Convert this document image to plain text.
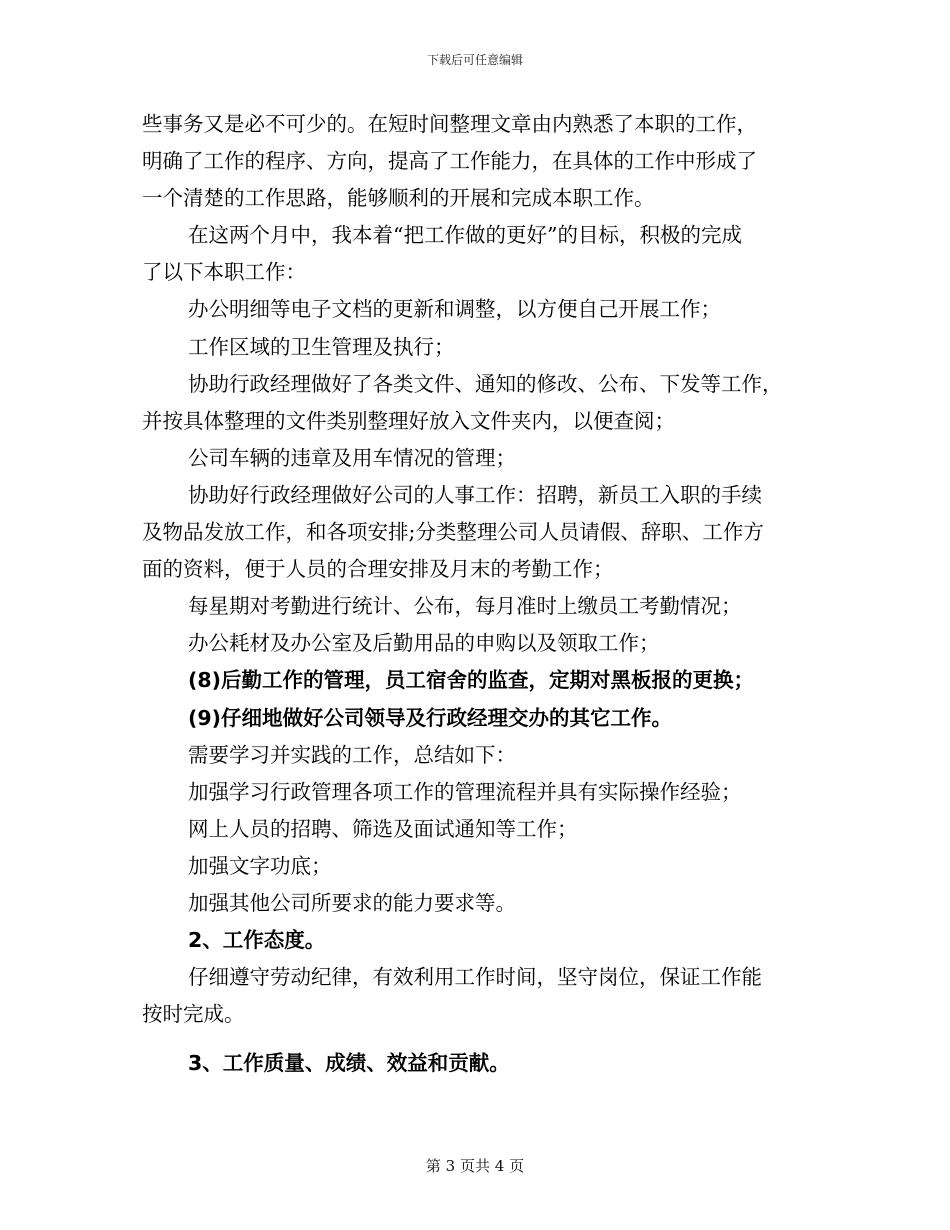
下载后可任意编辑
些事务又是必不可少的。在短时间整理文章由内熟悉了本职的工作，
明确了工作的程序、方向，提高了工作能力，在具体的工作中形成了
一个清楚的工作思路，能够顺利的开展和完成本职工作。
在这两个月中，我本着“把工作做的更好”的目标，积极的完成
了以下本职工作：
办公明细等电子文档的更新和调整，以方便自己开展工作；
工作区域的卫生管理及执行；
协助行政经理做好了各类文件、通知的修改、公布、下发等工作，
并按具体整理的文件类别整理好放入文件夹内，以便查阅；
公司车辆的违章及用车情况的管理；
协助好行政经理做好公司的人事工作：招聘，新员工入职的手续
及物品发放工作，和各项安排;分类整理公司人员请假、辞职、工作方
面的资料，便于人员的合理安排及月末的考勤工作；
每星期对考勤进行统计、公布，每月准时上缴员工考勤情况；
办公耗材及办公室及后勤用品的申购以及领取工作；
(8)后勤工作的管理，员工宿舍的监查，定期对黑板报的更换；
(9)仔细地做好公司领导及行政经理交办的其它工作。
需要学习并实践的工作，总结如下：
加强学习行政管理各项工作的管理流程并具有实际操作经验；
网上人员的招聘、筛选及面试通知等工作；
加强文字功底；
加强其他公司所要求的能力要求等。
2、工作态度。
仔细遵守劳动纪律，有效利用工作时间，坚守岗位，保证工作能
按时完成。
3、工作质量、成绩、效益和贡献。
第 3 页共 4 页
